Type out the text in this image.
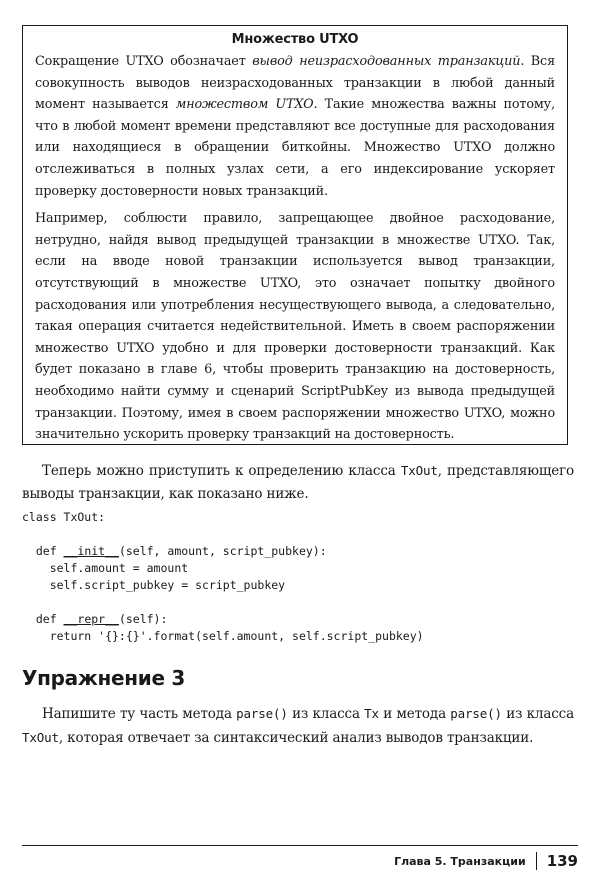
Множество UTXO

Сокращение UTXO обозначает вывод неизрасходованных транзакций. Вся совокупность выводов неизрасходованных транзакции в любой данный момент называется множеством UTXO. Такие множества важны потому, что в любой момент времени представляют все доступные для расходования или находящиеся в обращении биткойны. Множество UTXO должно отслеживаться в полных узлах сети, а его индексирование ускоряет проверку достоверности новых транзакций.

Например, соблюсти правило, запрещающее двойное расходование, нетрудно, найдя вывод предыдущей транзакции в множестве UTXO. Так, если на вводе новой транзакции используется вывод транзакции, отсутствующий в множестве UTXO, это означает попытку двойного расходования или употребления несуществующего вывода, а следовательно, такая операция считается недействительной. Иметь в своем распоряжении множество UTXO удобно и для проверки достоверности транзакций. Как будет показано в главе 6, чтобы проверить транзакцию на достоверность, необходимо найти сумму и сценарий ScriptPubKey из вывода предыдущей транзакции. Поэтому, имея в своем распоряжении множество UTXO, можно значительно ускорить проверку транзакций на достоверность.

Теперь можно приступить к определению класса TxOut, представляющего выводы транзакции, как показано ниже.

class TxOut:

def __init__(self, amount, script_pubkey):
self.amount = amount
self.script_pubkey = script_pubkey

def __repr__(self):
return '{}:{}'.format(self.amount, self.script_pubkey)
Упражнение 3

Напишите ту часть метода parse() из класса Tx и метода parse() из класса TxOut, которая отвечает за синтаксический анализ выводов транзакции.

Глава 5. Транзакции 139
